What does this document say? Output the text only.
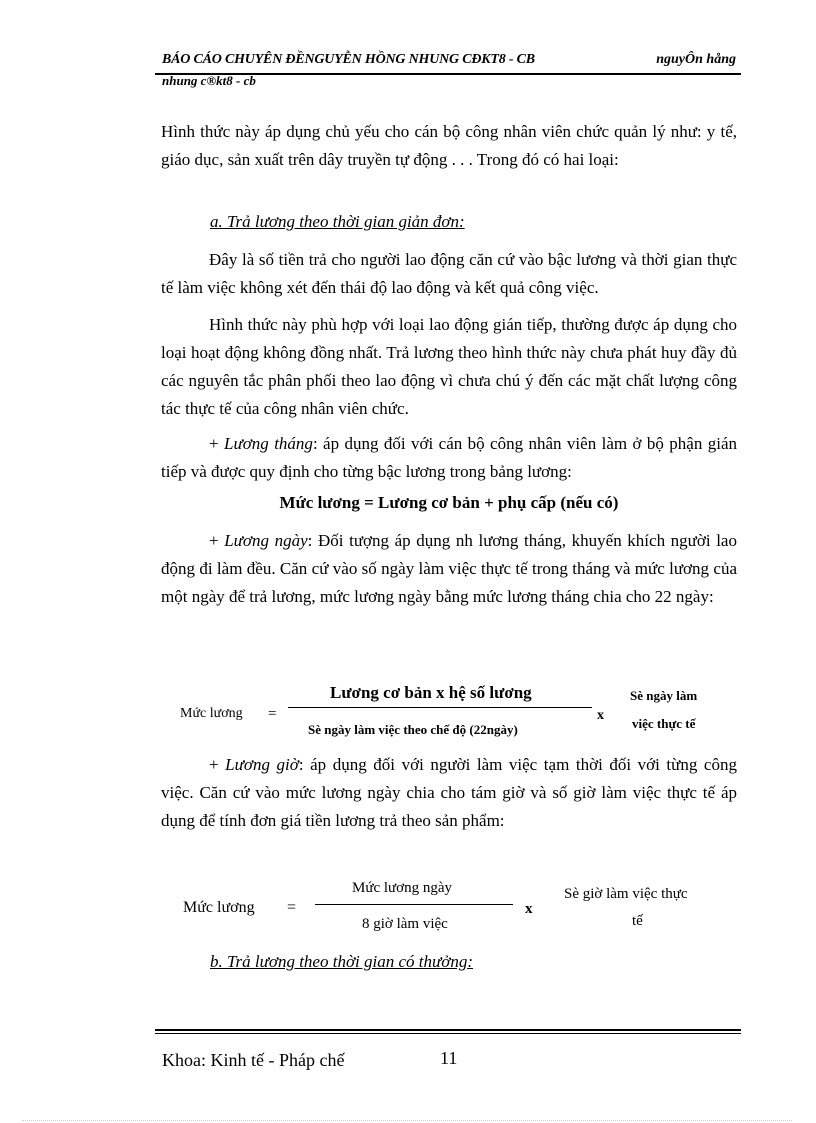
BÁO CÁO CHUYÊN ĐỀNGUYỄN HỒNG NHUNG CĐKT8 - CB	nguyÔn hång
nhung c®kt8 - cb
Hình thức này áp dụng chủ yếu cho cán bộ công nhân viên chức quản lý như: y tế, giáo dục, sản xuất trên dây truyền tự động . . . Trong đó có hai loại:
a. Trả lương theo thời gian giản đơn:
Đây là số tiền trả cho người lao động căn cứ vào bậc lương và thời gian thực tế làm việc không xét đến thái độ lao động và kết quả công việc.
Hình thức này phù hợp với loại lao động gián tiếp, thường được áp dụng cho loại hoạt động không đồng nhất. Trả lương theo hình thức này chưa phát huy đầy đủ các nguyên tắc phân phối theo lao động vì chưa chú ý đến các mặt chất lượng công tác thực tế của công nhân viên chức.
+ Lương tháng: áp dụng đối với cán bộ công nhân viên làm ở bộ phận gián tiếp và được quy định cho từng bậc lương trong bảng lương:
Mức lương = Lương cơ bản + phụ cấp (nếu có)
+ Lương ngày: Đối tượng áp dụng nh lương tháng, khuyến khích người lao động đi làm đều. Căn cứ vào số ngày làm việc thực tế trong tháng và mức lương của một ngày để trả lương, mức lương ngày bằng mức lương tháng chia cho 22 ngày:
Mức lương =
Lương cơ bản x hệ số lương
Sè ngày làm việc theo chế độ (22ngày)
x
Sè ngày làm
việc thực tế
+ Lương giờ: áp dụng đối với người làm việc tạm thời đối với từng công việc. Căn cứ vào mức lương ngày chia cho tám giờ và số giờ làm việc thực tế áp dụng để tính đơn giá tiền lương trả theo sản phẩm:
Mức lương =
Mức lương ngày
8 giờ làm việc
x
Sè giờ làm việc thực
tế
b. Trả lương theo thời gian có thưởng:
Khoa: Kinh tế - Pháp chế	11
